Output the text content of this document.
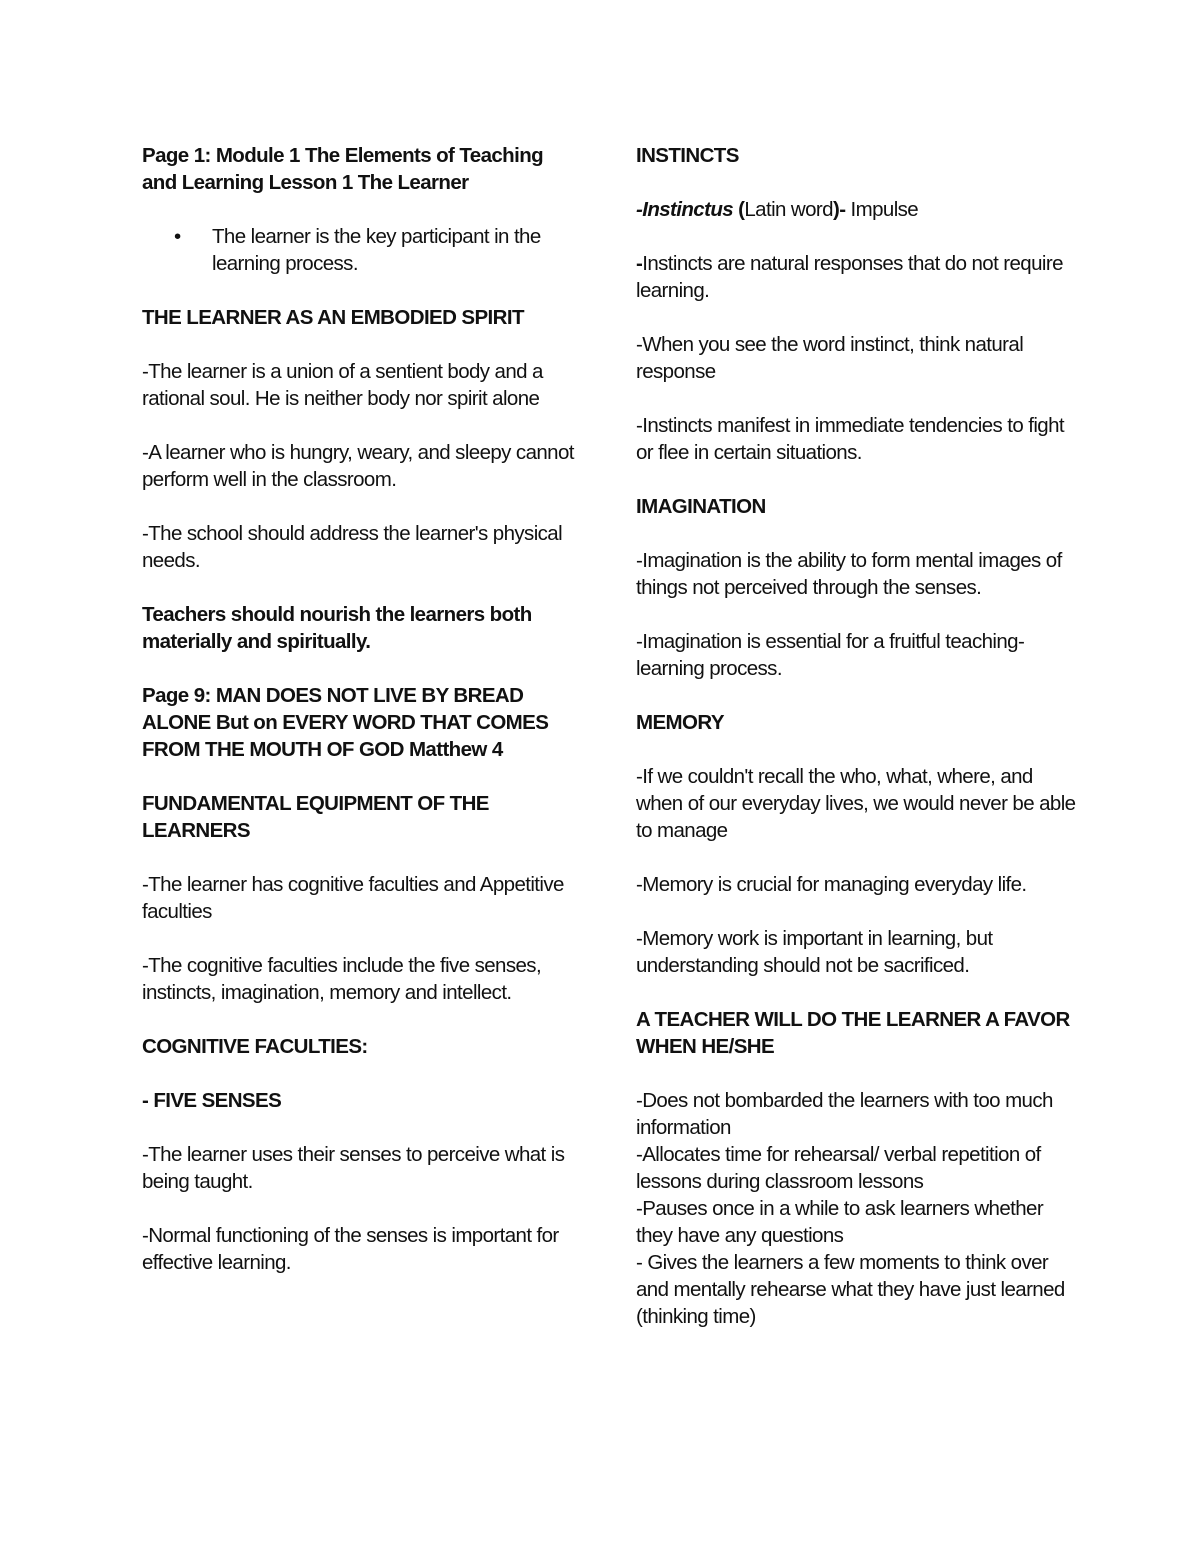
Page 1: Module 1 The Elements of Teaching and Learning Lesson 1 The Learner

•	The learner is the key participant in the learning process.

THE LEARNER AS AN EMBODIED SPIRIT

-The learner is a union of a sentient body and a rational soul. He is neither body nor spirit alone

-A learner who is hungry, weary, and sleepy cannot perform well in the classroom.

-The school should address the learner's physical needs.

Teachers should nourish the learners both materially and spiritually.

Page 9: MAN DOES NOT LIVE BY BREAD ALONE But on EVERY WORD THAT COMES FROM THE MOUTH OF GOD Matthew 4

FUNDAMENTAL EQUIPMENT OF THE LEARNERS

-The learner has cognitive faculties and Appetitive faculties

-The cognitive faculties include the five senses, instincts, imagination, memory and intellect.

COGNITIVE FACULTIES:

- FIVE SENSES

-The learner uses their senses to perceive what is being taught.

-Normal functioning of the senses is important for effective learning.

INSTINCTS

-Instinctus (Latin word)- Impulse

-Instincts are natural responses that do not require learning.

-When you see the word instinct, think natural response

-Instincts manifest in immediate tendencies to fight or flee in certain situations.

IMAGINATION

-Imagination is the ability to form mental images of things not perceived through the senses.

-Imagination is essential for a fruitful teaching-learning process.

MEMORY

-If we couldn't recall the who, what, where, and when of our everyday lives, we would never be able to manage

-Memory is crucial for managing everyday life.

-Memory work is important in learning, but understanding should not be sacrificed.

A TEACHER WILL DO THE LEARNER A FAVOR WHEN HE/SHE

-Does not bombarded the learners with too much information
-Allocates time for rehearsal/ verbal repetition of lessons during classroom lessons
-Pauses once in a while to ask learners whether they have any questions
- Gives the learners a few moments to think over and mentally rehearse what they have just learned (thinking time)
